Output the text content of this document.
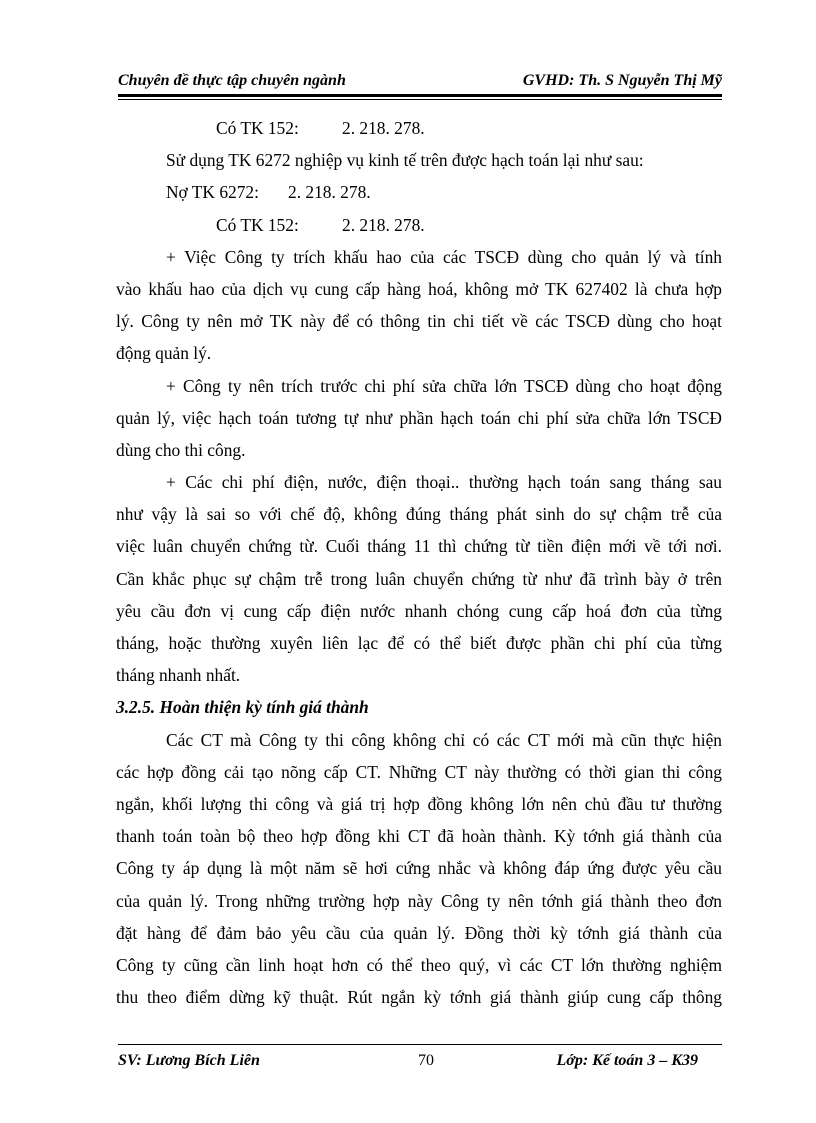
Chuyên đề thực tập chuyên ngành	GVHD: Th. S Nguyễn Thị Mỹ
Có TK 152: 2. 218. 278.
Sử dụng TK 6272 nghiệp vụ kinh tế trên được hạch toán lại như sau:
Nợ TK 6272: 2. 218. 278.
Có TK 152: 2. 218. 278.
+ Việc Công ty trích khấu hao của các TSCĐ dùng cho quản lý và tính
vào khấu hao của dịch vụ cung cấp hàng hoá, không mở TK 627402 là chưa hợp
lý. Công ty nên mở TK này để có thông tin chi tiết về các TSCĐ dùng cho hoạt
động quản lý.
+ Công ty nên trích trước chi phí sửa chữa lớn TSCĐ dùng cho hoạt động
quản lý, việc hạch toán tương tự như phần hạch toán chi phí sửa chữa lớn TSCĐ
dùng cho thi công.
+ Các chi phí điện, nước, điện thoại.. thường hạch toán sang tháng sau
như vậy là sai so với chế độ, không đúng tháng phát sinh do sự chậm trễ của
việc luân chuyển chứng từ. Cuối tháng 11 thì chứng từ tiền điện mới về tới nơi.
Cần khắc phục sự chậm trễ trong luân chuyển chứng từ như đã trình bày ở trên
yêu cầu đơn vị cung cấp điện nước nhanh chóng cung cấp hoá đơn của từng
tháng, hoặc thường xuyên liên lạc để có thể biết được phần chi phí của từng
tháng nhanh nhất.
3.2.5. Hoàn thiện kỳ tính giá thành
Các CT mà Công ty thi công không chỉ có các CT mới mà cũn thực hiện
các hợp đồng cải tạo nõng cấp CT. Những CT này thường có thời gian thi công
ngắn, khối lượng thi công và giá trị hợp đồng không lớn nên chủ đầu tư thường
thanh toán toàn bộ theo hợp đồng khi CT đã hoàn thành. Kỳ tớnh giá thành của
Công ty áp dụng là một năm sẽ hơi cứng nhắc và không đáp ứng được yêu cầu
của quản lý. Trong những trường hợp này Công ty nên tớnh giá thành theo đơn
đặt hàng để đảm bảo yêu cầu của quản lý. Đồng thời kỳ tớnh giá thành của
Công ty cũng cần linh hoạt hơn có thể theo quý, vì các CT lớn thường nghiệm
thu theo điểm dừng kỹ thuật. Rút ngắn kỳ tớnh giá thành giúp cung cấp thông
SV: Lương Bích Liên	70	Lớp: Kế toán 3 – K39
